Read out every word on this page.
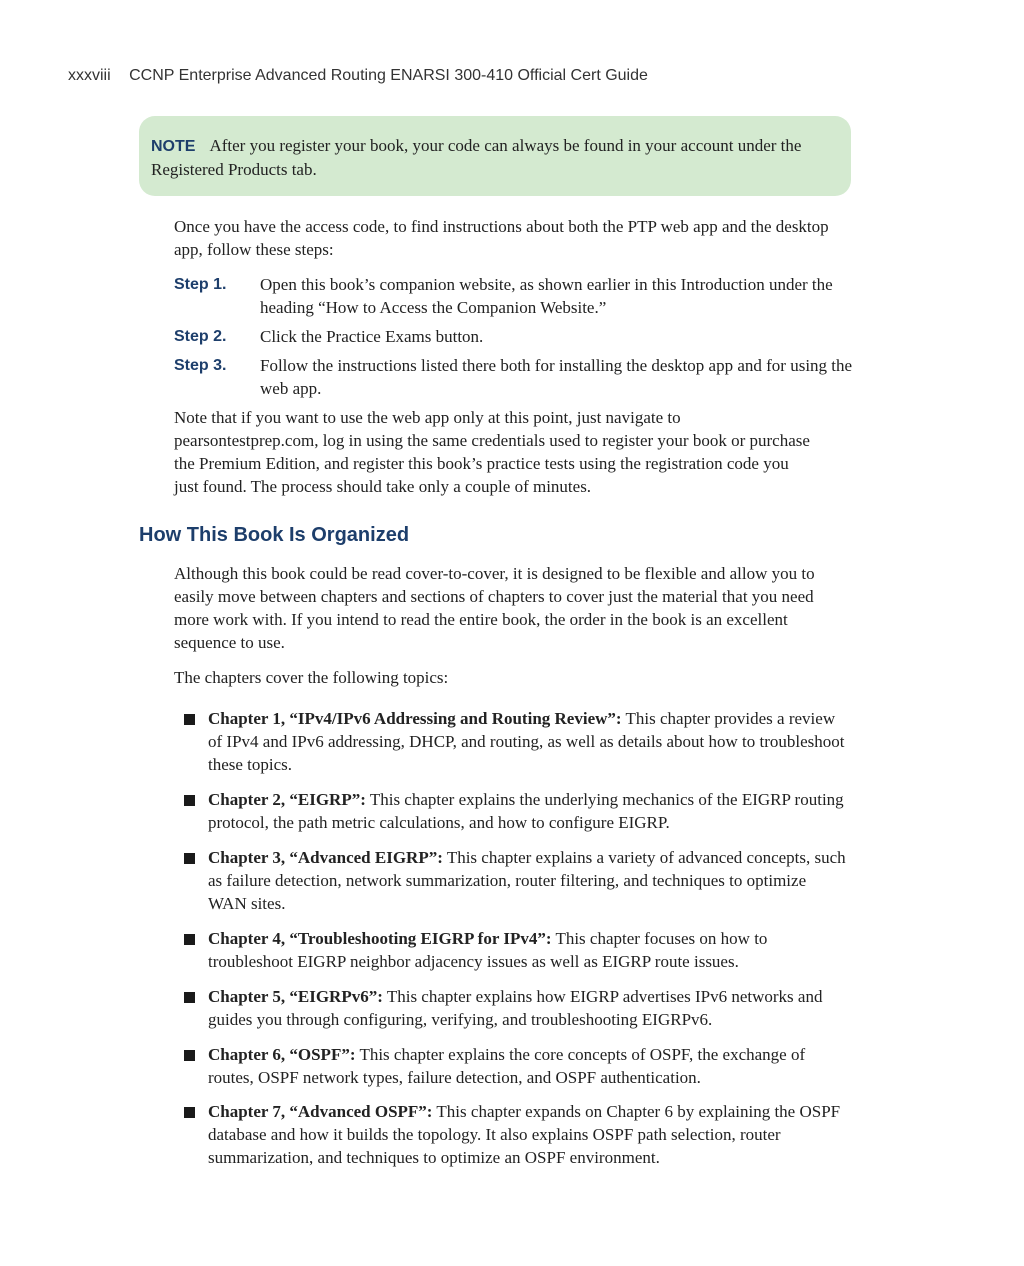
xxxviii CCNP Enterprise Advanced Routing ENARSI 300-410 Official Cert Guide
NOTE After you register your book, your code can always be found in your account under the Registered Products tab.

Once you have the access code, to find instructions about both the PTP web app and the desktop app, follow these steps:

Step 1.	Open this book’s companion website, as shown earlier in this Introduction under the heading “How to Access the Companion Website.”
Step 2.	Click the Practice Exams button.
Step 3.	Follow the instructions listed there both for installing the desktop app and for using the web app.

Note that if you want to use the web app only at this point, just navigate to pearsontestprep.com, log in using the same credentials used to register your book or purchase the Premium Edition, and register this book’s practice tests using the registration code you just found. The process should take only a couple of minutes.

How This Book Is Organized

Although this book could be read cover-to-cover, it is designed to be flexible and allow you to easily move between chapters and sections of chapters to cover just the material that you need more work with. If you intend to read the entire book, the order in the book is an excellent sequence to use.

The chapters cover the following topics:

Chapter 1, “IPv4/IPv6 Addressing and Routing Review”: This chapter provides a review of IPv4 and IPv6 addressing, DHCP, and routing, as well as details about how to troubleshoot these topics.
Chapter 2, “EIGRP”: This chapter explains the underlying mechanics of the EIGRP routing protocol, the path metric calculations, and how to configure EIGRP.
Chapter 3, “Advanced EIGRP”: This chapter explains a variety of advanced concepts, such as failure detection, network summarization, router filtering, and techniques to optimize WAN sites.
Chapter 4, “Troubleshooting EIGRP for IPv4”: This chapter focuses on how to troubleshoot EIGRP neighbor adjacency issues as well as EIGRP route issues.
Chapter 5, “EIGRPv6”: This chapter explains how EIGRP advertises IPv6 networks and guides you through configuring, verifying, and troubleshooting EIGRPv6.
Chapter 6, “OSPF”: This chapter explains the core concepts of OSPF, the exchange of routes, OSPF network types, failure detection, and OSPF authentication.
Chapter 7, “Advanced OSPF”: This chapter expands on Chapter 6 by explaining the OSPF database and how it builds the topology. It also explains OSPF path selection, router summarization, and techniques to optimize an OSPF environment.
